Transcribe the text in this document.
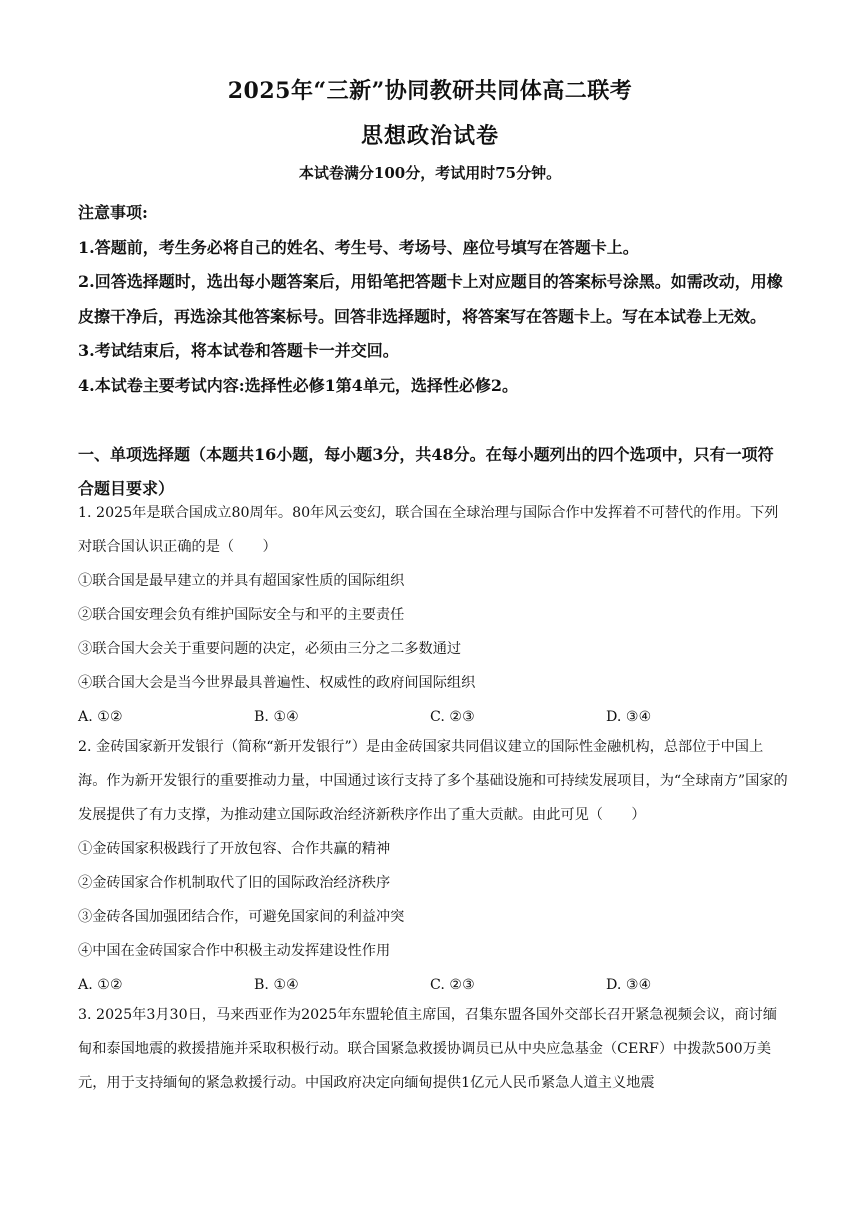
2025年“三新”协同教研共同体高二联考
思想政治试卷
本试卷满分100分，考试用时75分钟。

注意事项:

1.答题前，考生务必将自己的姓名、考生号、考场号、座位号填写在答题卡上。

2.回答选择题时，选出每小题答案后，用铅笔把答题卡上对应题目的答案标号涂黑。如需改动，用橡皮擦干净后，再选涂其他答案标号。回答非选择题时，将答案写在答题卡上。写在本试卷上无效。

3.考试结束后，将本试卷和答题卡一并交回。

4.本试卷主要考试内容:选择性必修1第4单元，选择性必修2。

一、单项选择题（本题共16小题，每小题3分，共48分。在每小题列出的四个选项中，只有一项符合题目要求）

1. 2025年是联合国成立80周年。80年风云变幻，联合国在全球治理与国际合作中发挥着不可替代的作用。下列对联合国认识正确的是（　　）

①联合国是最早建立的并具有超国家性质的国际组织

②联合国安理会负有维护国际安全与和平的主要责任

③联合国大会关于重要问题的决定，必须由三分之二多数通过

④联合国大会是当今世界最具普遍性、权威性的政府间国际组织

A. ①②	B. ①④	C. ②③	D. ③④

2. 金砖国家新开发银行（简称“新开发银行”）是由金砖国家共同倡议建立的国际性金融机构，总部位于中国上海。作为新开发银行的重要推动力量，中国通过该行支持了多个基础设施和可持续发展项目，为“全球南方”国家的发展提供了有力支撑，为推动建立国际政治经济新秩序作出了重大贡献。由此可见（　　）

①金砖国家积极践行了开放包容、合作共赢的精神

②金砖国家合作机制取代了旧的国际政治经济秩序

③金砖各国加强团结合作，可避免国家间的利益冲突

④中国在金砖国家合作中积极主动发挥建设性作用

A. ①②	B. ①④	C. ②③	D. ③④

3. 2025年3月30日，马来西亚作为2025年东盟轮值主席国，召集东盟各国外交部长召开紧急视频会议，商讨缅甸和泰国地震的救援措施并采取积极行动。联合国紧急救援协调员已从中央应急基金（CERF）中拨款500万美元，用于支持缅甸的紧急救援行动。中国政府决定向缅甸提供1亿元人民币紧急人道主义地震
